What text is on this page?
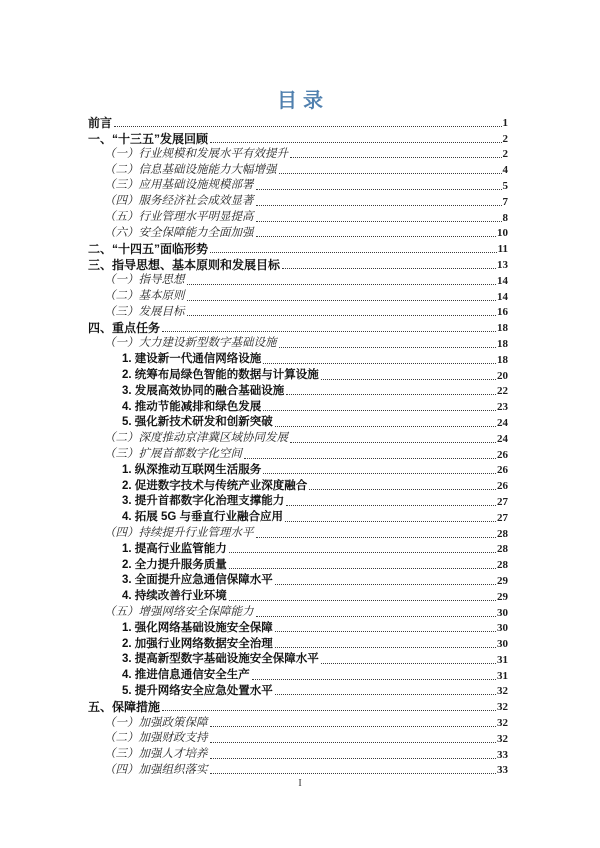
目录
前言	1
一、“十三五”发展回顾	2
（一）行业规模和发展水平有效提升	2
（二）信息基础设施能力大幅增强	4
（三）应用基础设施规模部署	5
（四）服务经济社会成效显著	7
（五）行业管理水平明显提高	8
（六）安全保障能力全面加强	10
二、“十四五”面临形势	11
三、指导思想、基本原则和发展目标	13
（一）指导思想	14
（二）基本原则	14
（三）发展目标	16
四、重点任务	18
（一）大力建设新型数字基础设施	18
1. 建设新一代通信网络设施	18
2. 统筹布局绿色智能的数据与计算设施	20
3. 发展高效协同的融合基础设施	22
4. 推动节能减排和绿色发展	23
5. 强化新技术研发和创新突破	24
（二）深度推动京津冀区域协同发展	24
（三）扩展首都数字化空间	26
1. 纵深推动互联网生活服务	26
2. 促进数字技术与传统产业深度融合	26
3. 提升首都数字化治理支撑能力	27
4. 拓展 5G 与垂直行业融合应用	27
（四）持续提升行业管理水平	28
1. 提高行业监管能力	28
2. 全力提升服务质量	28
3. 全面提升应急通信保障水平	29
4. 持续改善行业环境	29
（五）增强网络安全保障能力	30
1. 强化网络基础设施安全保障	30
2. 加强行业网络数据安全治理	30
3. 提高新型数字基础设施安全保障水平	31
4. 推进信息通信安全生产	31
5. 提升网络安全应急处置水平	32
五、保障措施	32
（一）加强政策保障	32
（二）加强财政支持	32
（三）加强人才培养	33
（四）加强组织落实	33
I
